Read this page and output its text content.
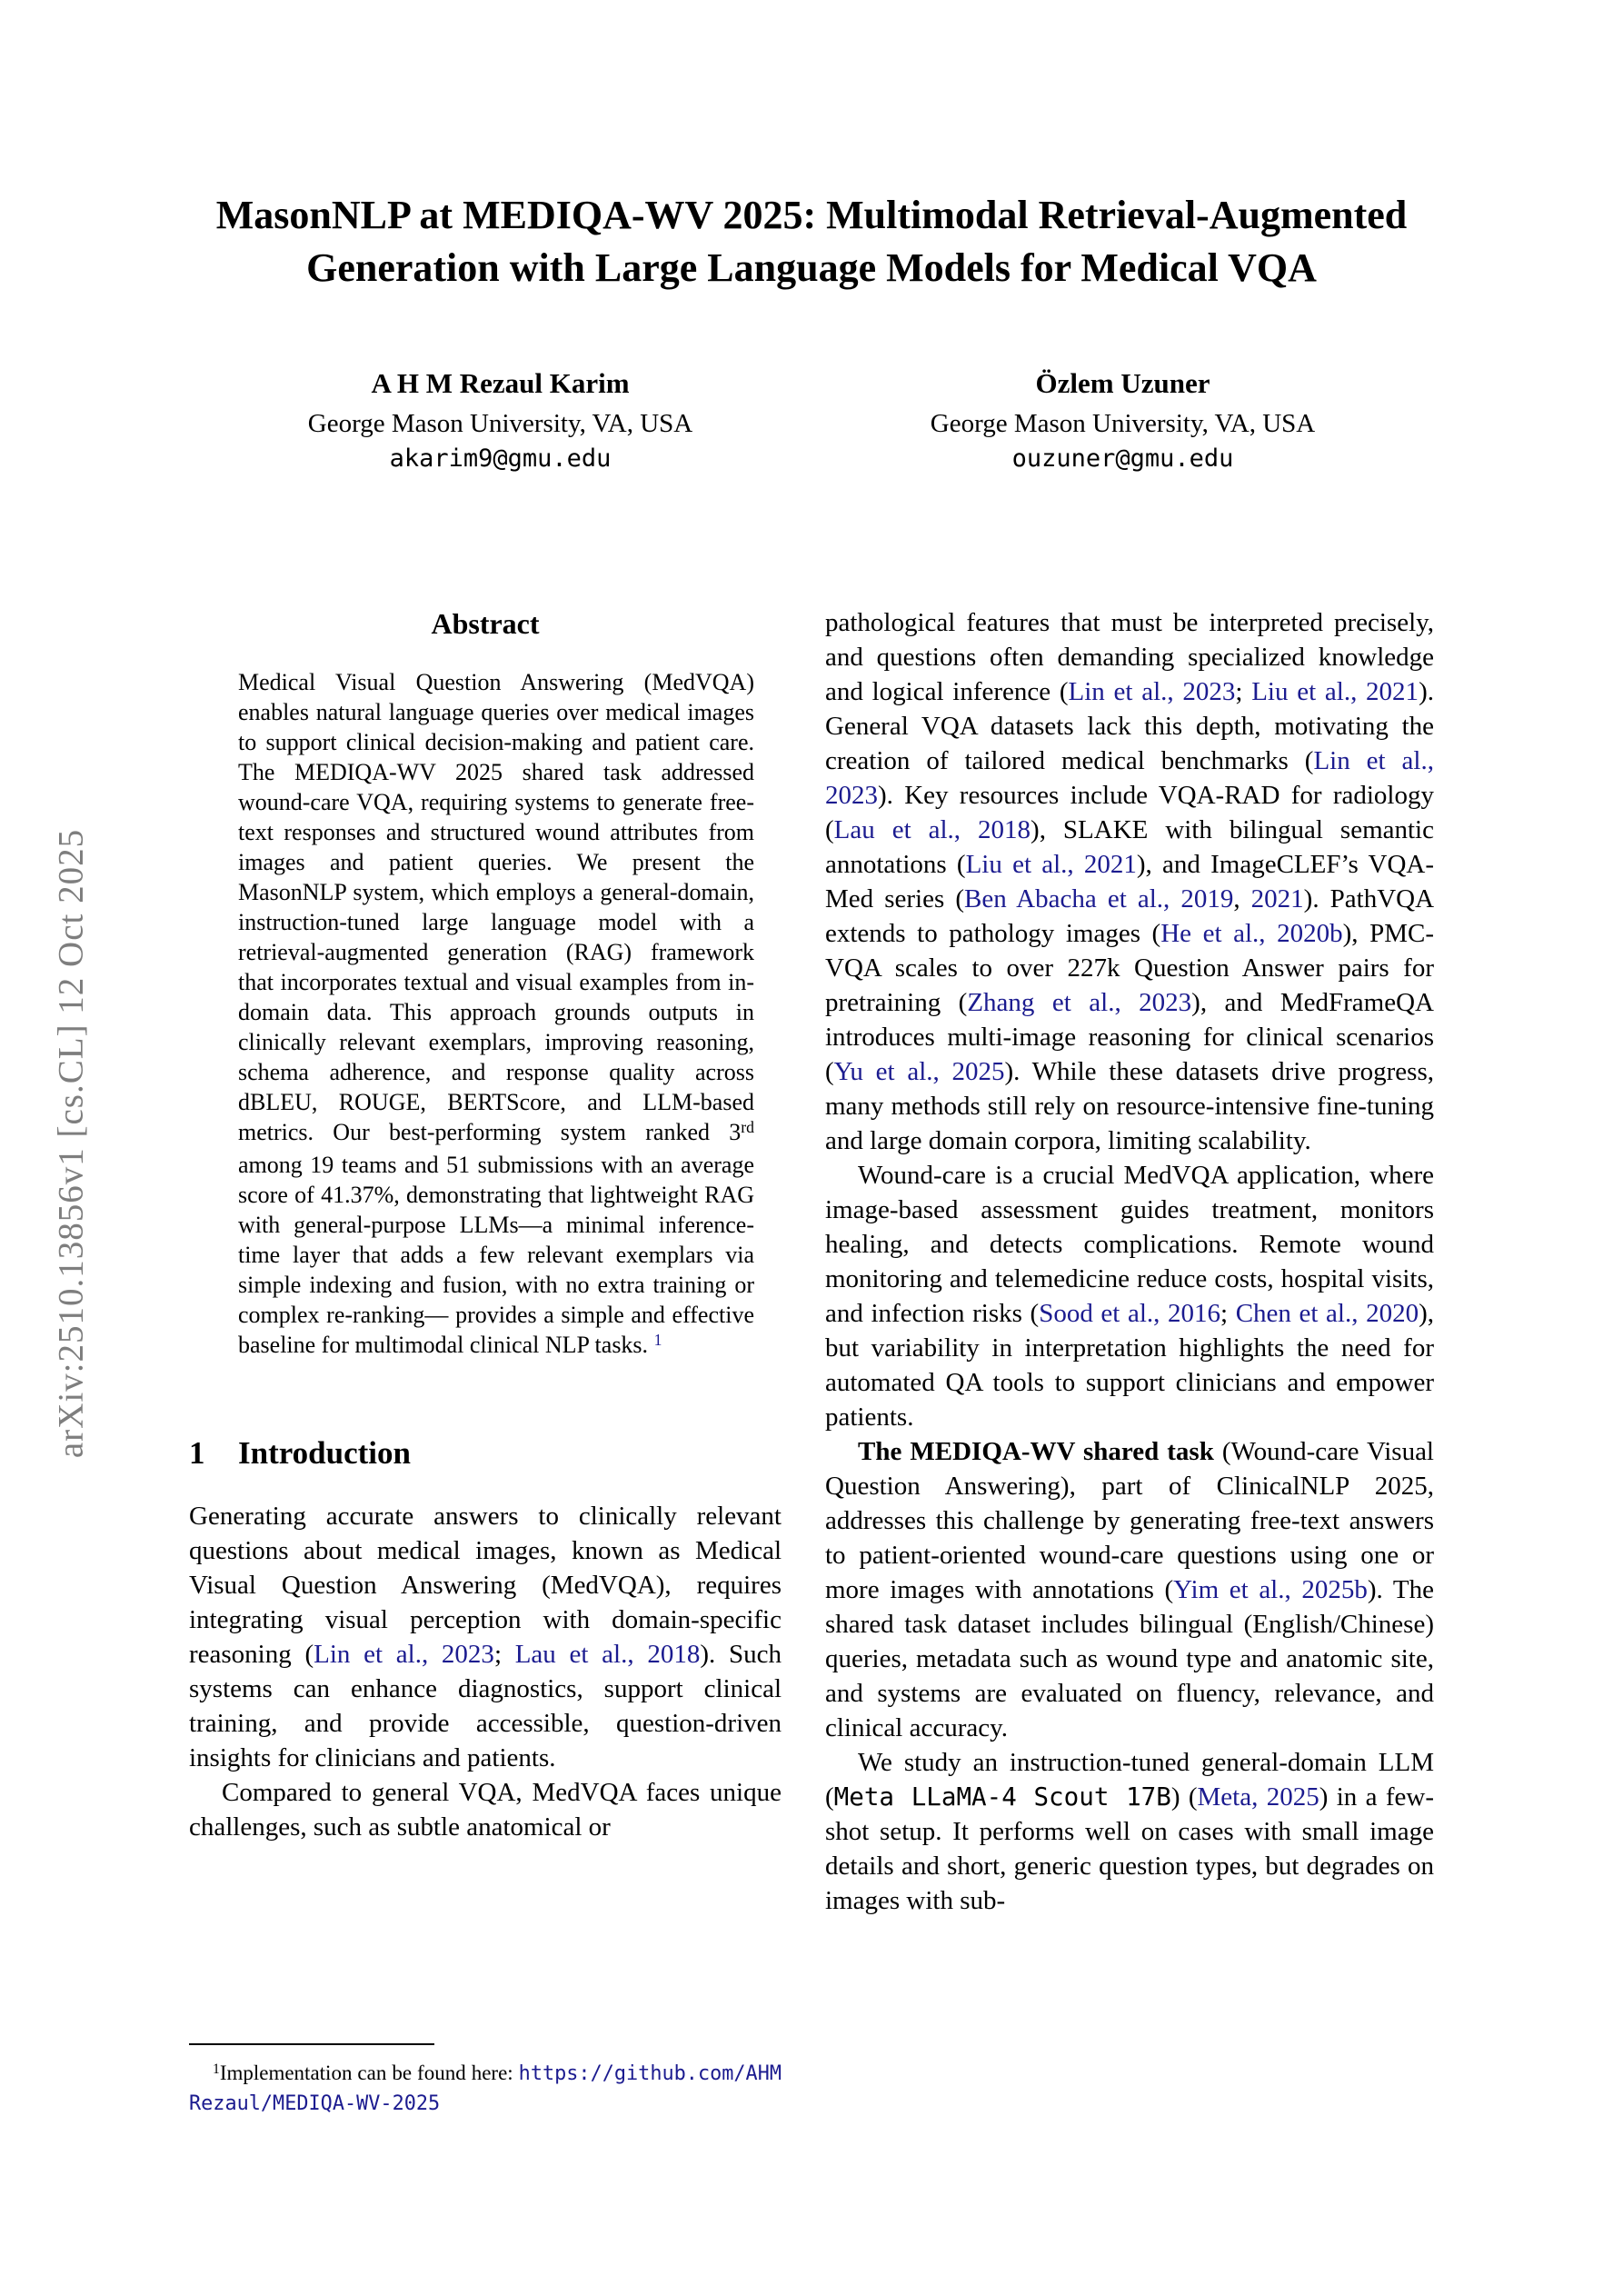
arXiv:2510.13856v1 [cs.CL] 12 Oct 2025
MasonNLP at MEDIQA-WV 2025: Multimodal Retrieval-Augmented Generation with Large Language Models for Medical VQA
A H M Rezaul Karim
George Mason University, VA, USA
akarim9@gmu.edu
Özlem Uzuner
George Mason University, VA, USA
ouzuner@gmu.edu
Abstract

Medical Visual Question Answering (MedVQA) enables natural language queries over medical images to support clinical decision-making and patient care. The MEDIQA-WV 2025 shared task addressed wound-care VQA, requiring systems to generate free-text responses and structured wound attributes from images and patient queries. We present the MasonNLP system, which employs a general-domain, instruction-tuned large language model with a retrieval-augmented generation (RAG) framework that incorporates textual and visual examples from in-domain data. This approach grounds outputs in clinically relevant exemplars, improving reasoning, schema adherence, and response quality across dBLEU, ROUGE, BERTScore, and LLM-based metrics. Our best-performing system ranked 3rd among 19 teams and 51 submissions with an average score of 41.37%, demonstrating that lightweight RAG with general-purpose LLMs—a minimal inference-time layer that adds a few relevant exemplars via simple indexing and fusion, with no extra training or complex re-ranking— provides a simple and effective baseline for multimodal clinical NLP tasks. $^1$

1	Introduction

Generating accurate answers to clinically relevant questions about medical images, known as Medical Visual Question Answering (MedVQA), requires integrating visual perception with domain-specific reasoning (Lin et al., 2023; Lau et al., 2018). Such systems can enhance diagnostics, support clinical training, and provide accessible, question-driven insights for clinicians and patients.

Compared to general VQA, MedVQA faces unique challenges, such as subtle anatomical or

$^1$Implementation can be found here: https://github.com/AHMRezaul/MEDIQA-WV-2025

pathological features that must be interpreted precisely, and questions often demanding specialized knowledge and logical inference (Lin et al., 2023; Liu et al., 2021). General VQA datasets lack this depth, motivating the creation of tailored medical benchmarks (Lin et al., 2023). Key resources include VQA-RAD for radiology (Lau et al., 2018), SLAKE with bilingual semantic annotations (Liu et al., 2021), and ImageCLEF’s VQA-Med series (Ben Abacha et al., 2019, 2021). PathVQA extends to pathology images (He et al., 2020b), PMC-VQA scales to over 227k Question Answer pairs for pretraining (Zhang et al., 2023), and MedFrameQA introduces multi-image reasoning for clinical scenarios (Yu et al., 2025). While these datasets drive progress, many methods still rely on resource-intensive fine-tuning and large domain corpora, limiting scalability.

Wound-care is a crucial MedVQA application, where image-based assessment guides treatment, monitors healing, and detects complications. Remote wound monitoring and telemedicine reduce costs, hospital visits, and infection risks (Sood et al., 2016; Chen et al., 2020), but variability in interpretation highlights the need for automated QA tools to support clinicians and empower patients.

The MEDIQA-WV shared task (Wound-care Visual Question Answering), part of ClinicalNLP 2025, addresses this challenge by generating free-text answers to patient-oriented wound-care questions using one or more images with annotations (Yim et al., 2025b). The shared task dataset includes bilingual (English/Chinese) queries, metadata such as wound type and anatomic site, and systems are evaluated on fluency, relevance, and clinical accuracy.

We study an instruction-tuned general-domain LLM (Meta LLaMA-4 Scout 17B) (Meta, 2025) in a few-shot setup. It performs well on cases with small image details and short, generic question types, but degrades on images with sub-
